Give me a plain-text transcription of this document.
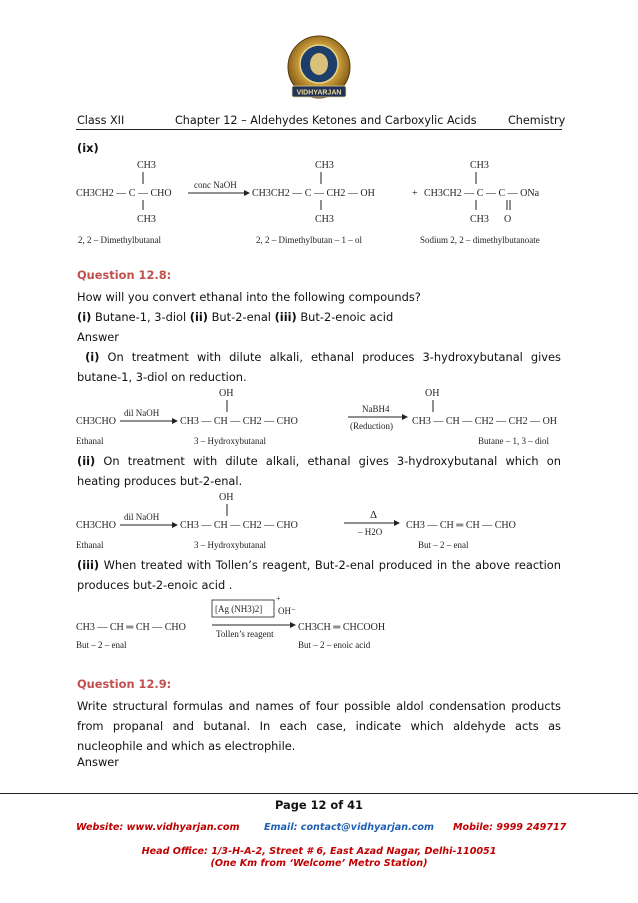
VIDHYARJAN
Class XII	Chapter 12 – Aldehydes Ketones and Carboxylic Acids	Chemistry
(ix)
CH3
CH3CH2 — C — CHO
CH3
conc NaOH
CH3
CH3CH2 — C — CH2 — OH
CH3
+
CH3
CH3CH2 — C — C — ONa
CH3 O
2, 2 – Dimethylbutanal	2, 2 – Dimethylbutan – 1 – ol	Sodium 2, 2 – dimethylbutanoate
Question 12.8:
How will you convert ethanal into the following compounds?
(i) Butane-1, 3-diol (ii) But-2-enal (iii) But-2-enoic acid
Answer
(i) On treatment with dilute alkali, ethanal produces 3-hydroxybutanal gives butane-1, 3-diol on reduction.
CH3CHO
dil NaOH
OH
CH3 — CH — CH2 — CHO
NaBH4
(Reduction)
OH
CH3 — CH — CH2 — CH2 — OH
Ethanal	3 – Hydroxybutanal	Butane – 1, 3 – diol
(ii) On treatment with dilute alkali, ethanal gives 3-hydroxybutanal which on heating produces but-2-enal.
CH3CHO
dil NaOH
OH
CH3 — CH — CH2 — CHO
Δ
– H2O
CH3 — CH ═ CH — CHO
Ethanal	3 – Hydroxybutanal	But – 2 – enal
(iii) When treated with Tollen’s reagent, But-2-enal produced in the above reaction produces but-2-enoic acid .
CH3 — CH ═ CH — CHO
[Ag (NH3)2]
+
OH⁻
Tollen’s reagent
CH3CH ═ CHCOOH
But – 2 – enal	But – 2 – enoic acid
Question 12.9:
Write structural formulas and names of four possible aldol condensation products from propanal and butanal. In each case, indicate which aldehyde acts as nucleophile and which as electrophile.
Answer
Page 12 of 41
Website: www.vidhyarjan.com	Email: contact@vidhyarjan.com Mobile: 9999 249717
Head Office: 1/3-H-A-2, Street # 6, East Azad Nagar, Delhi-110051
(One Km from ‘Welcome’ Metro Station)
